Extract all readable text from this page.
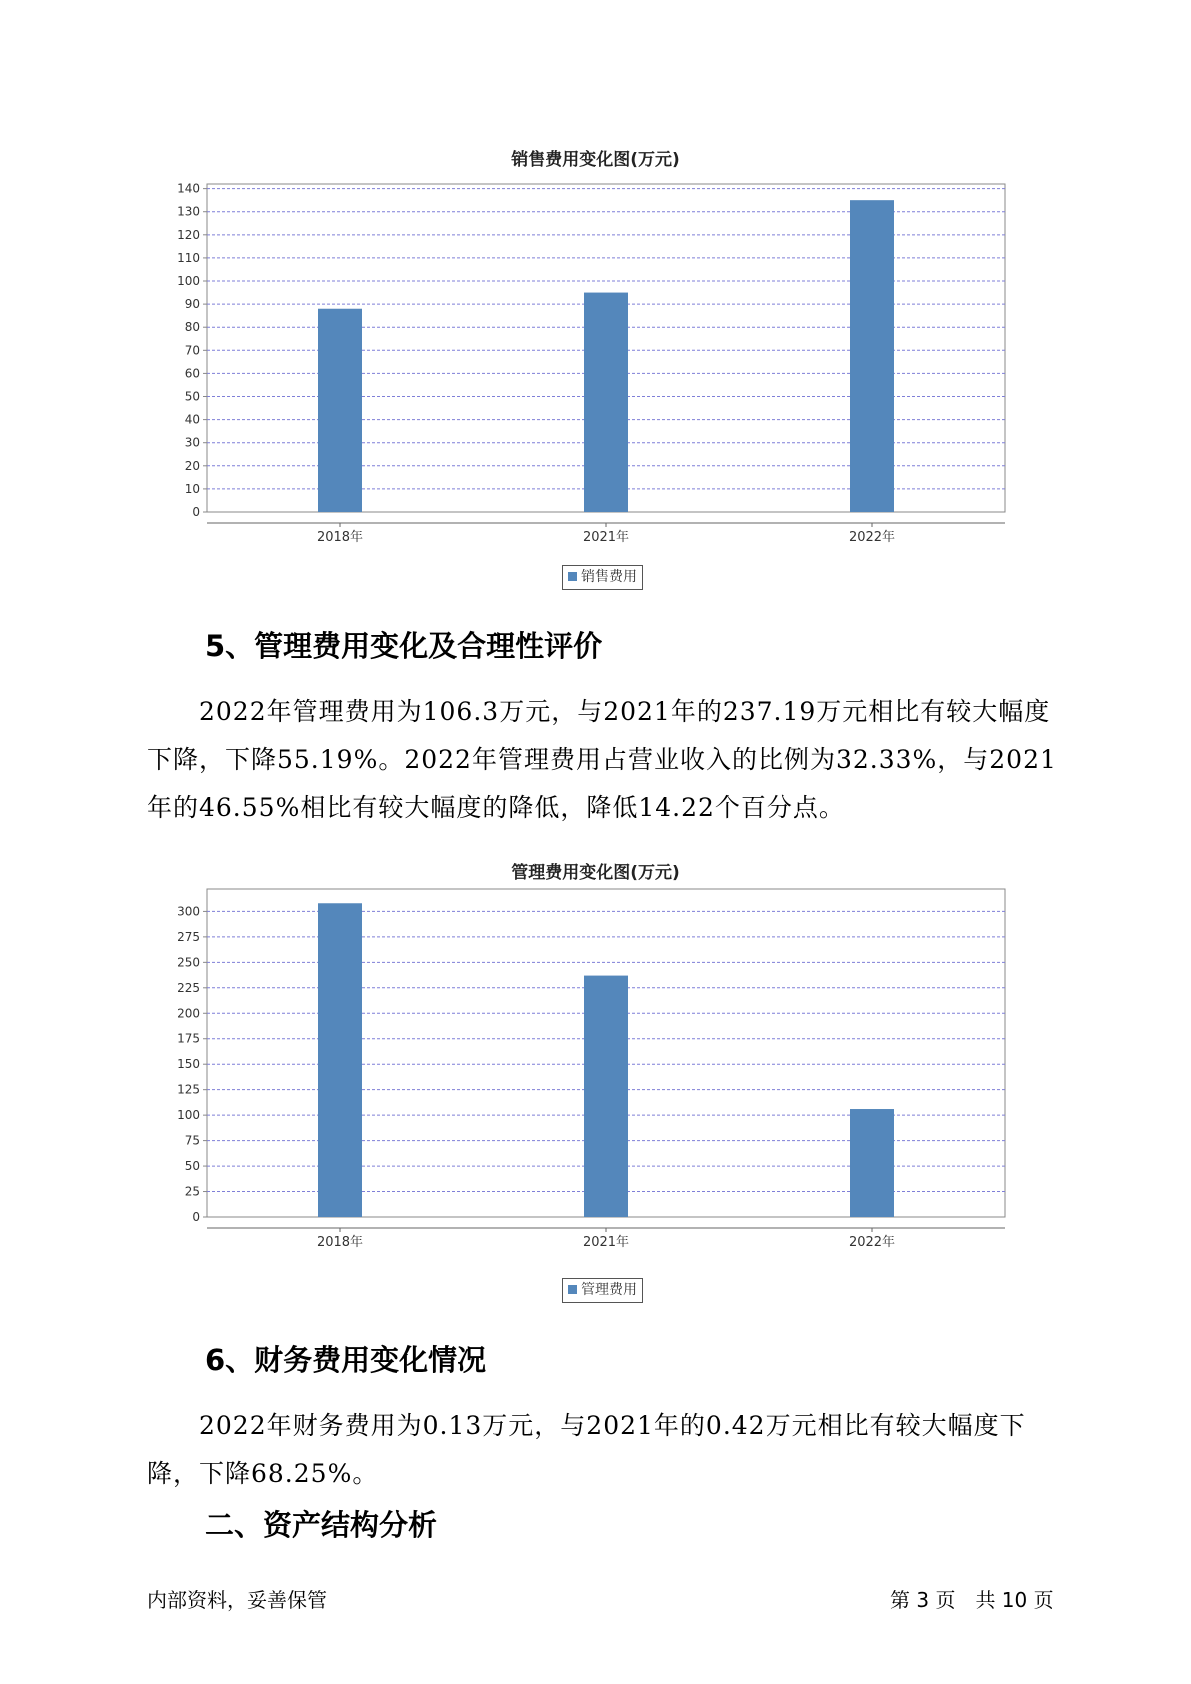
销售费用变化图(万元)
0
10
20
30
40
50
60
70
80
90
100
110
120
130
140
2018年	2021年	2022年
销售费用
5、管理费用变化及合理性评价
2022年管理费用为106.3万元，与2021年的237.19万元相比有较大幅度下降，下降55.19%。2022年管理费用占营业收入的比例为32.33%，与2021年的46.55%相比有较大幅度的降低，降低14.22个百分点。
管理费用变化图(万元)
0
25
50
75
100
125
150
175
200
225
250
275
300
2018年	2021年	2022年
管理费用
6、财务费用变化情况
2022年财务费用为0.13万元，与2021年的0.42万元相比有较大幅度下降，下降68.25%。
二、资产结构分析
内部资料，妥善保管	第 3 页　共 10 页
